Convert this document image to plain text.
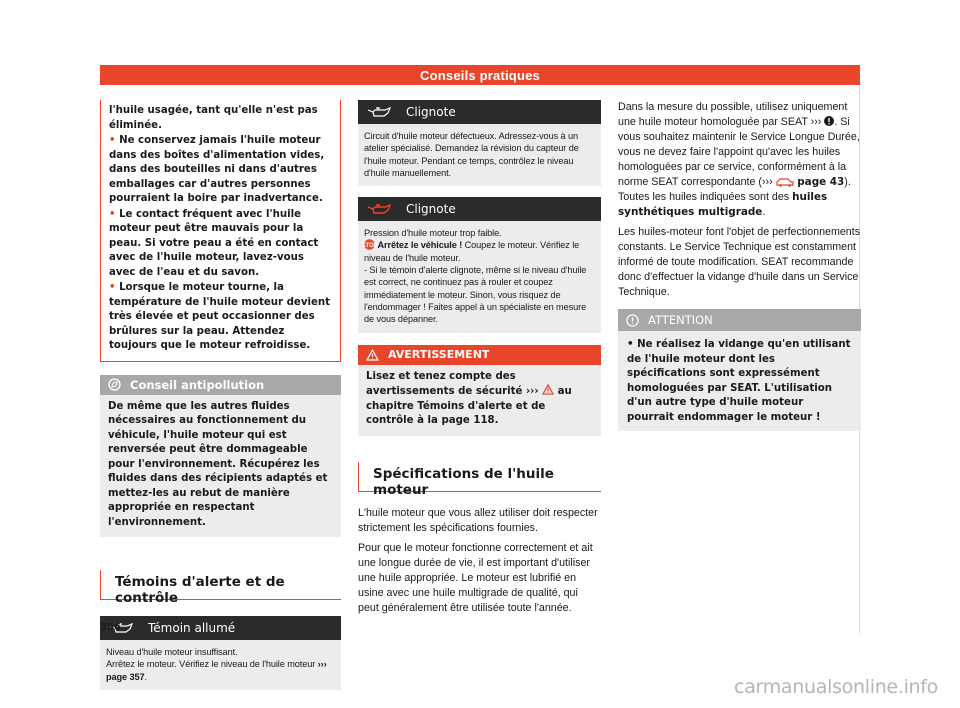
Conseils pratiques

l'huile usagée, tant qu'elle n'est pas éliminée.

• Ne conservez jamais l'huile moteur dans des boîtes d'alimentation vides, dans des bouteilles ni dans d'autres emballages car d'autres personnes pourraient la boire par inadvertance.

• Le contact fréquent avec l'huile moteur peut être mauvais pour la peau. Si votre peau a été en contact avec de l'huile moteur, lavez-vous avec de l'eau et du savon.

• Lorsque le moteur tourne, la température de l'huile moteur devient très élevée et peut occasionner des brûlures sur la peau. Attendez toujours que le moteur refroidisse.

Conseil antipollution
De même que les autres fluides nécessaires au fonctionnement du véhicule, l'huile moteur qui est renversée peut être dommageable pour l'environnement. Récupérez les fluides dans des récipients adaptés et mettez-les au rebut de manière appropriée en respectant l'environnement.
Témoins d'alerte et de contrôle
Témoin allumé
Niveau d'huile moteur insuffisant.
Arrêtez le moteur. Vérifiez le niveau de l'huile moteur ››› page 357.
Clignote
Circuit d'huile moteur défectueux. Adressez-vous à un atelier spécialisé. Demandez la révision du capteur de l'huile moteur. Pendant ce temps, contrôlez le niveau d'huile manuellement.
Clignote
Pression d'huile moteur trop faible.
STOP Arrêtez le véhicule ! Coupez le moteur. Vérifiez le niveau de l'huile moteur.
- Si le témoin d'alerte clignote, même si le niveau d'huile est correct, ne continuez pas à rouler et coupez immédiatement le moteur. Sinon, vous risquez de l'endommager ! Faites appel à un spécialiste en mesure de vous dépanner.
AVERTISSEMENT
Lisez et tenez compte des avertissements de sécurité ›››
au chapitre Témoins d'alerte et de contrôle à la page 118.
Spécifications de l'huile moteur

L'huile moteur que vous allez utiliser doit respecter strictement les spécifications fournies.

Pour que le moteur fonctionne correctement et ait une longue durée de vie, il est important d'utiliser une huile appropriée. Le moteur est lubrifié en usine avec une huile multigrade de qualité, qui peut généralement être utilisée toute l'année.

Dans la mesure du possible, utilisez uniquement une huile moteur homologuée par SEAT ››› . Si vous souhaitez maintenir le Service Longue Durée, vous ne devez faire l'appoint qu'avec les huiles homologuées par ce service, conformément à la norme SEAT correspondante (›››
page 43). Toutes les huiles indiquées sont des huiles synthétiques multigrade.

Les huiles-moteur font l'objet de perfectionnements constants. Le Service Technique est constamment informé de toute modification. SEAT recommande donc d'effectuer la vidange d'huile dans un Service Technique.

ATTENTION
• Ne réalisez la vidange qu'en utilisant de l'huile moteur dont les spécifications sont expressément homologuées par SEAT. L'utilisation d'un autre type d'huile moteur pourrait endommager le moteur !
356
carmanualsonline.info
